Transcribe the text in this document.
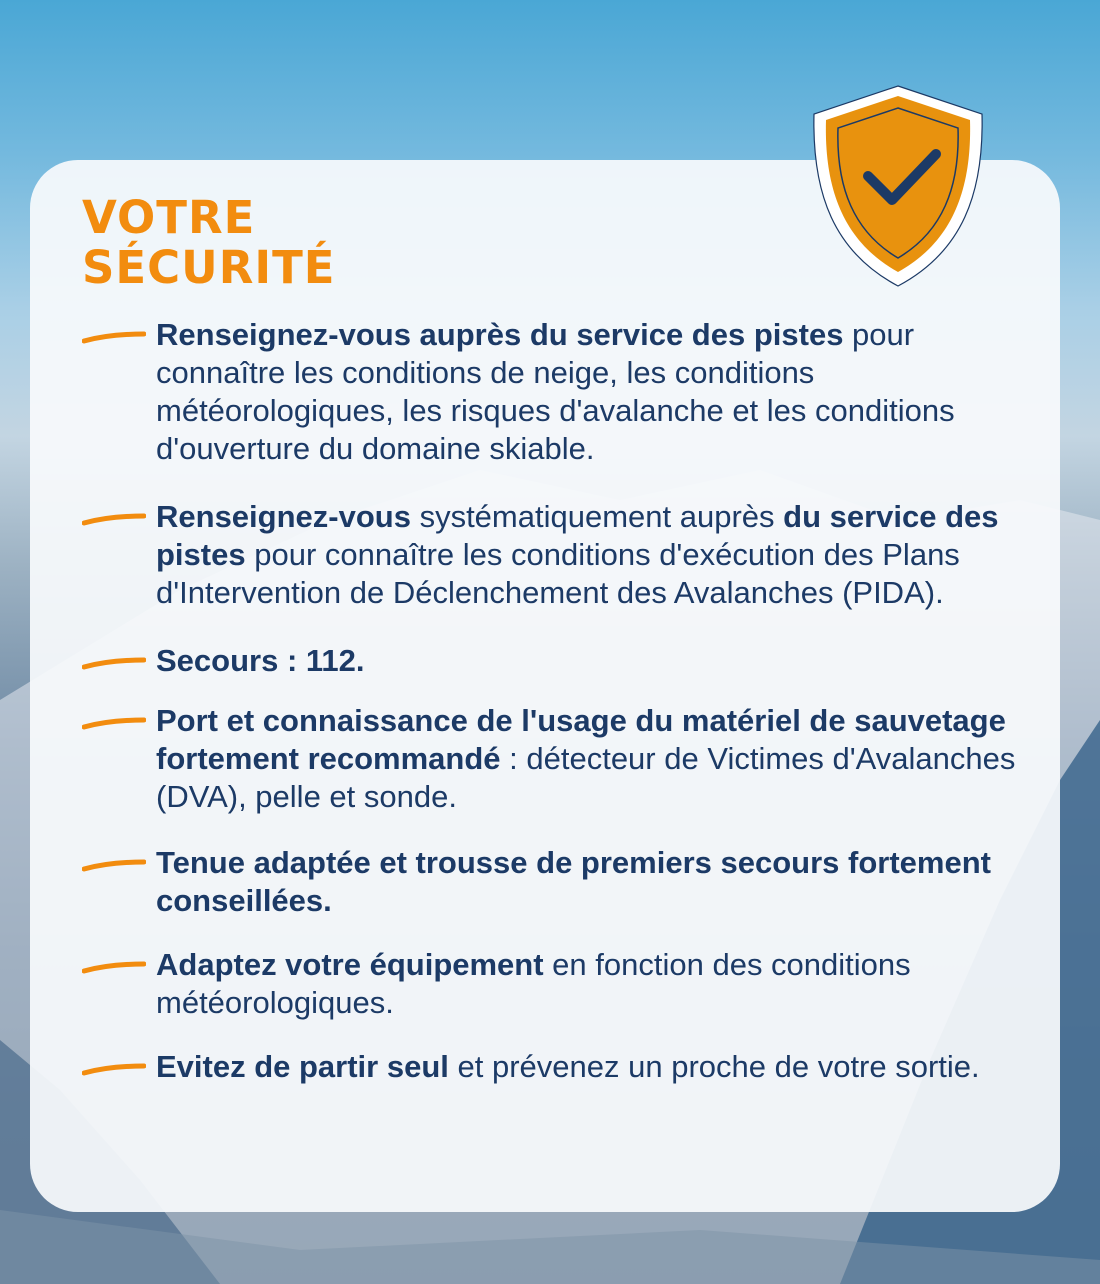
VOTRE
SÉCURITÉ
Renseignez-vous auprès du service des pistes pour connaître les conditions de neige, les conditions météorologiques, les risques d'avalanche et les conditions d'ouverture du domaine skiable.
Renseignez-vous systématiquement auprès du service des pistes pour connaître les conditions d'exécution des Plans d'Intervention de Déclenchement des Avalanches (PIDA).
Secours : 112.
Port et connaissance de l'usage du matériel de sauvetage fortement recommandé : détecteur de Victimes d'Avalanches (DVA), pelle et sonde.
Tenue adaptée et trousse de premiers secours fortement conseillées.
Adaptez votre équipement en fonction des conditions météorologiques.
Evitez de partir seul et prévenez un proche de votre sortie.
